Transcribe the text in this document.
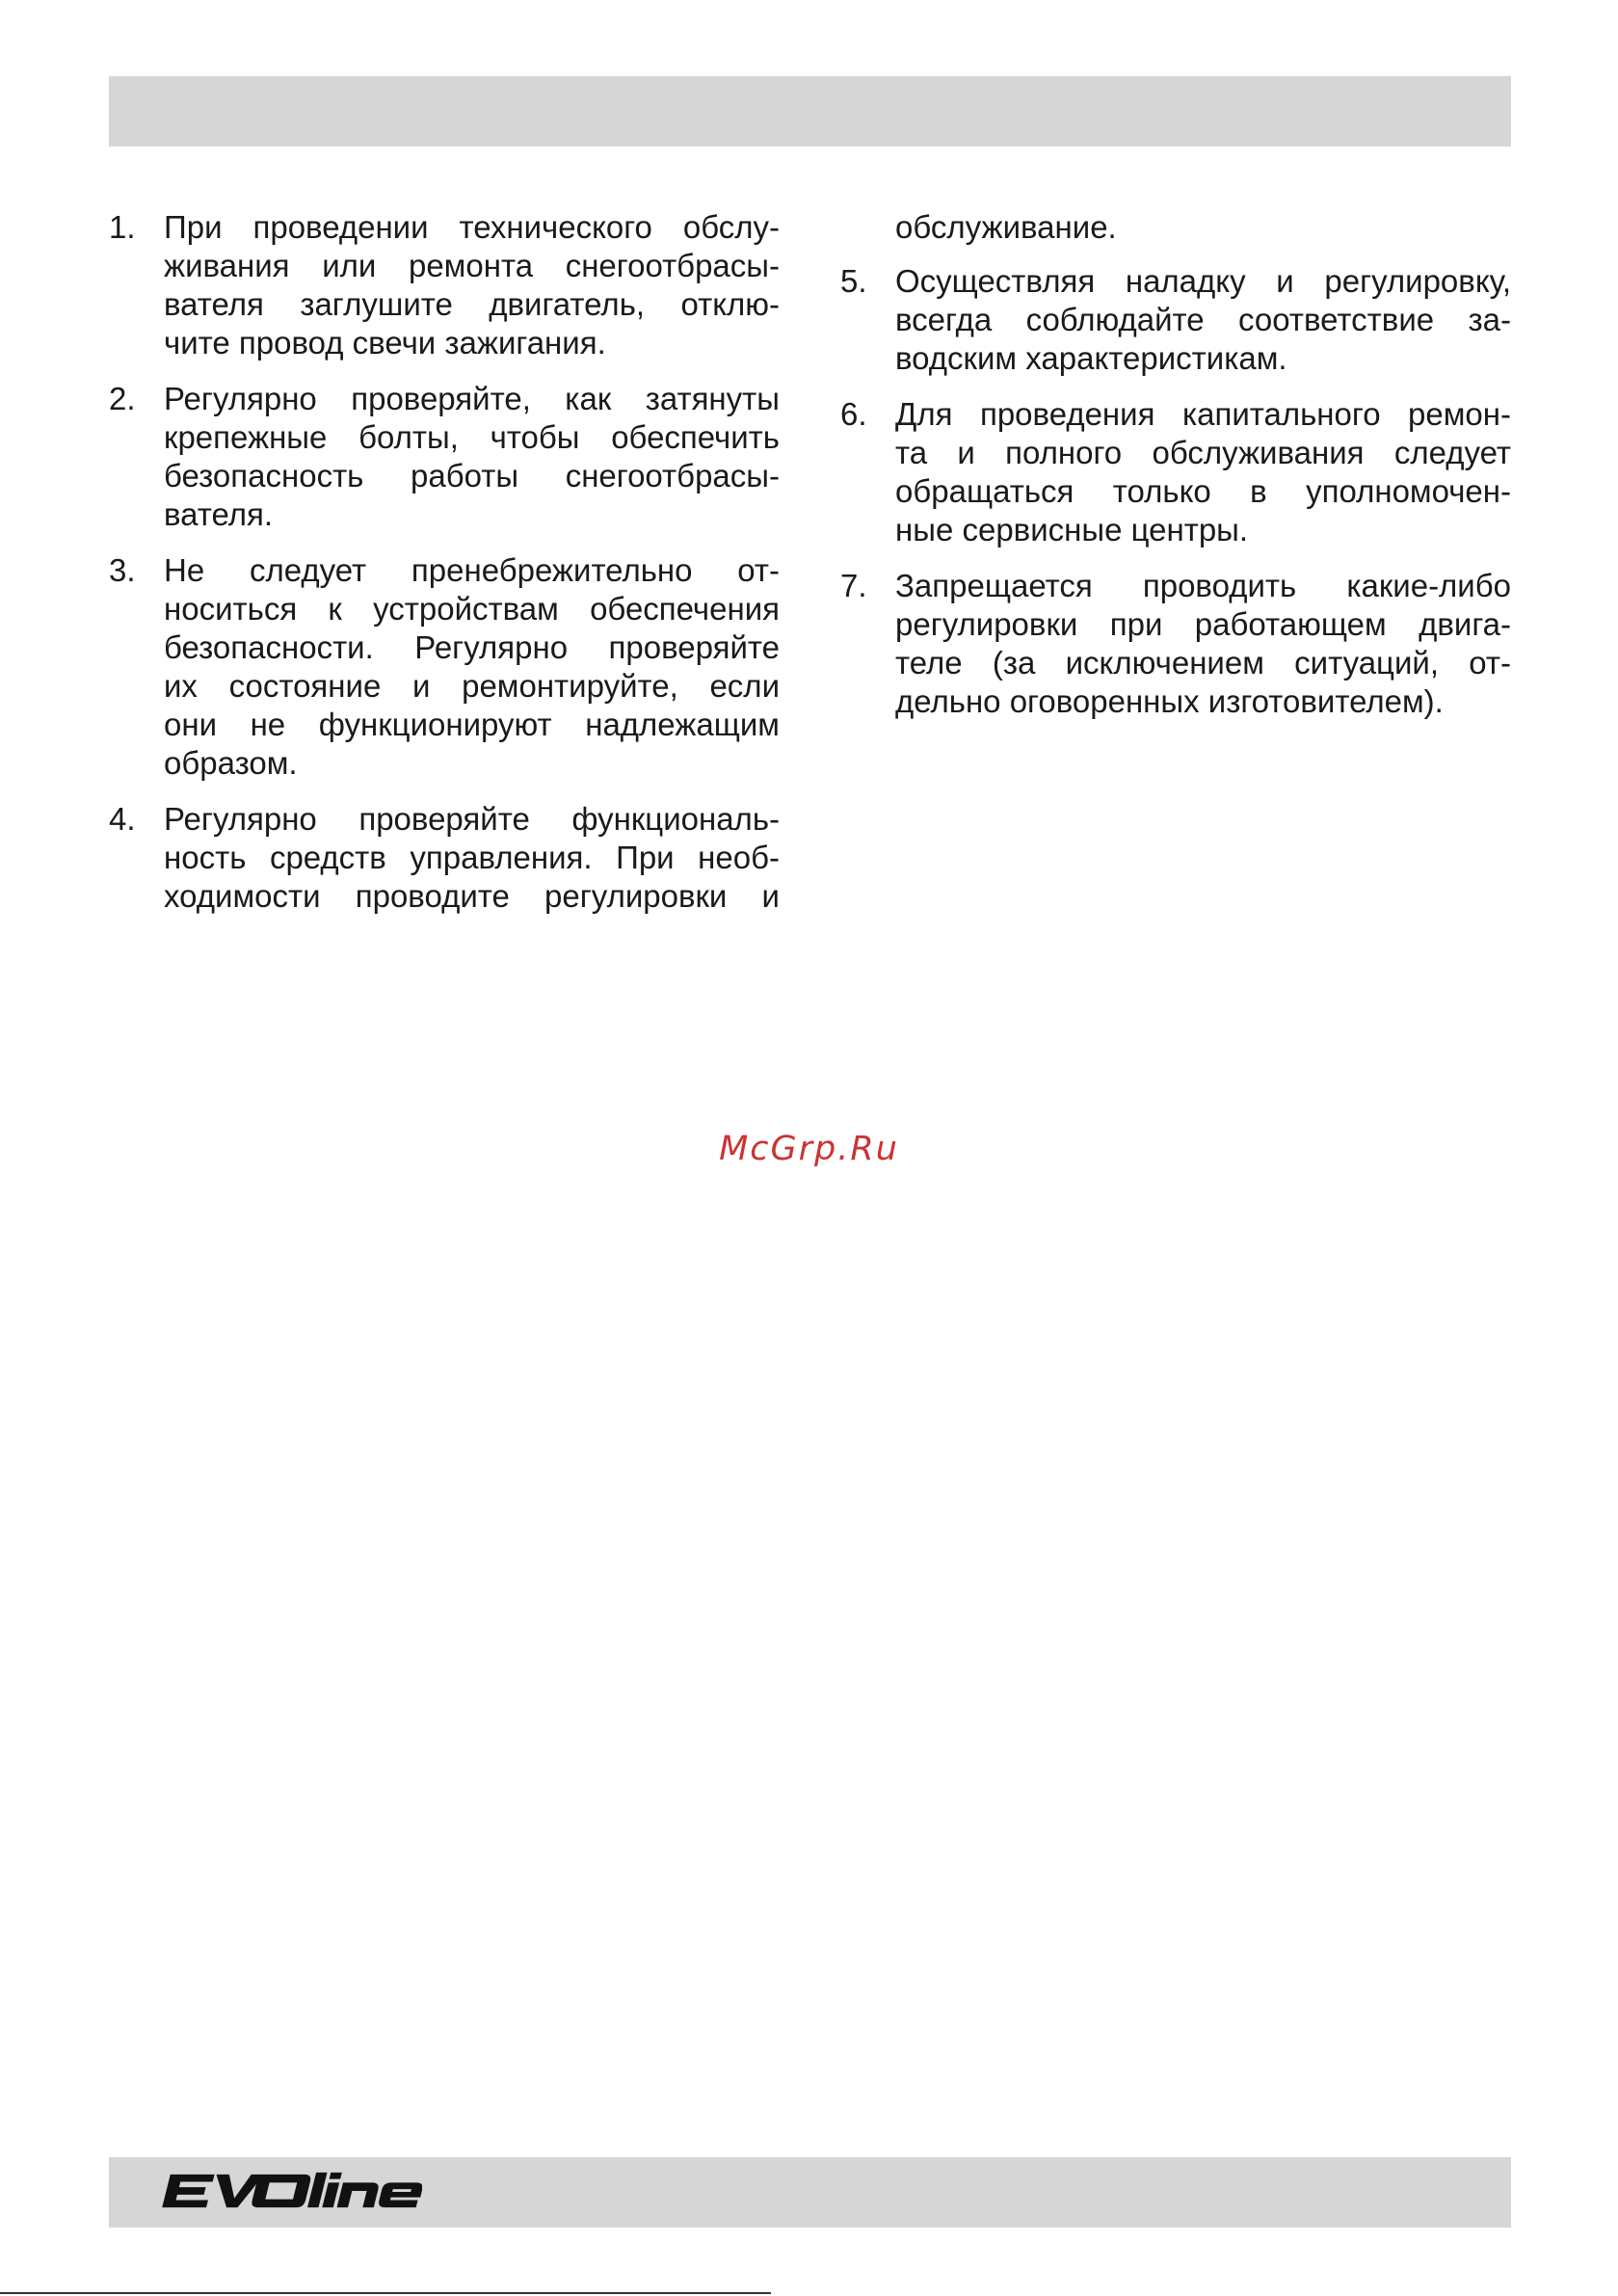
1. При проведении технического обслу-
живания или ремонта снегоотбрасы-
вателя заглушите двигатель, отклю-
чите провод свечи зажигания.
2. Регулярно проверяйте, как затянуты
крепежные болты, чтобы обеспечить
безопасность работы снегоотбрасы-
вателя.
3. Не следует пренебрежительно от-
носиться к устройствам обеспечения
безопасности. Регулярно проверяйте
их состояние и ремонтируйте, если
они не функционируют надлежащим
образом.
4. Регулярно проверяйте функциональ-
ность средств управления. При необ-
ходимости проводите регулировки и
обслуживание.
5. Осуществляя наладку и регулировку,
всегда соблюдайте соответствие за-
водским характеристикам.
6. Для проведения капитального ремон-
та и полного обслуживания следует
обращаться только в уполномочен-
ные сервисные центры.
7. Запрещается проводить какие-либо
регулировки при работающем двига-
теле (за исключением ситуаций, от-
дельно оговоренных изготовителем).
McGrp.Ru
